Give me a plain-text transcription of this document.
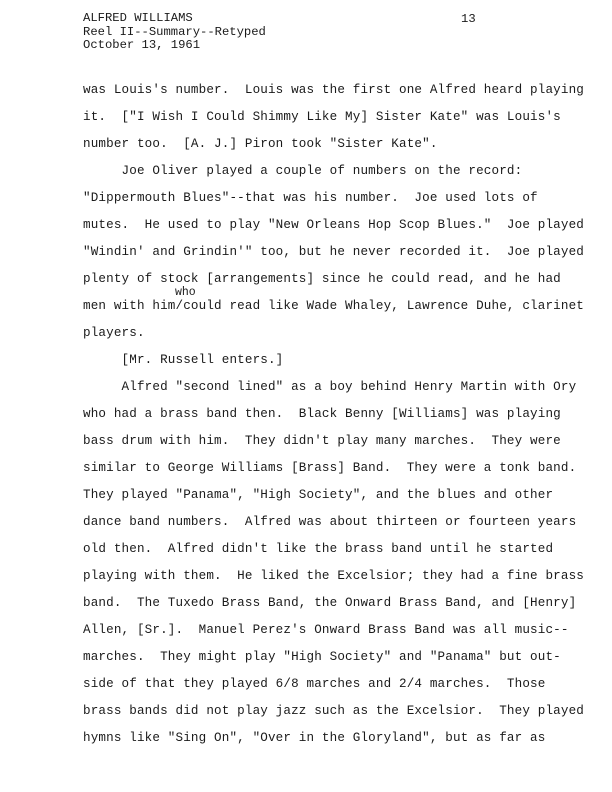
ALFRED WILLIAMS
Reel II--Summary--Retyped
October 13, 1961
13
was Louis's number.  Louis was the first one Alfred heard playing
it.  ["I Wish I Could Shimmy Like My] Sister Kate" was Louis's
number too.  [A. J.] Piron took "Sister Kate".
Joe Oliver played a couple of numbers on the record:
"Dippermouth Blues"--that was his number.  Joe used lots of
mutes.  He used to play "New Orleans Hop Scop Blues."  Joe played
"Windin' and Grindin'" too, but he never recorded it.  Joe played
plenty of stock [arrangements] since he could read, and he had
who
men with him/could read like Wade Whaley, Lawrence Duhe, clarinet
players.
[Mr. Russell enters.]
Alfred "second lined" as a boy behind Henry Martin with Ory
who had a brass band then.  Black Benny [Williams] was playing
bass drum with him.  They didn't play many marches.  They were
similar to George Williams [Brass] Band.  They were a tonk band.
They played "Panama", "High Society", and the blues and other
dance band numbers.  Alfred was about thirteen or fourteen years
old then.  Alfred didn't like the brass band until he started
playing with them.  He liked the Excelsior; they had a fine brass
band.  The Tuxedo Brass Band, the Onward Brass Band, and [Henry]
Allen, [Sr.].  Manuel Perez's Onward Brass Band was all music--
marches.  They might play "High Society" and "Panama" but out-
side of that they played 6/8 marches and 2/4 marches.  Those
brass bands did not play jazz such as the Excelsior.  They played
hymns like "Sing On", "Over in the Gloryland", but as far as
